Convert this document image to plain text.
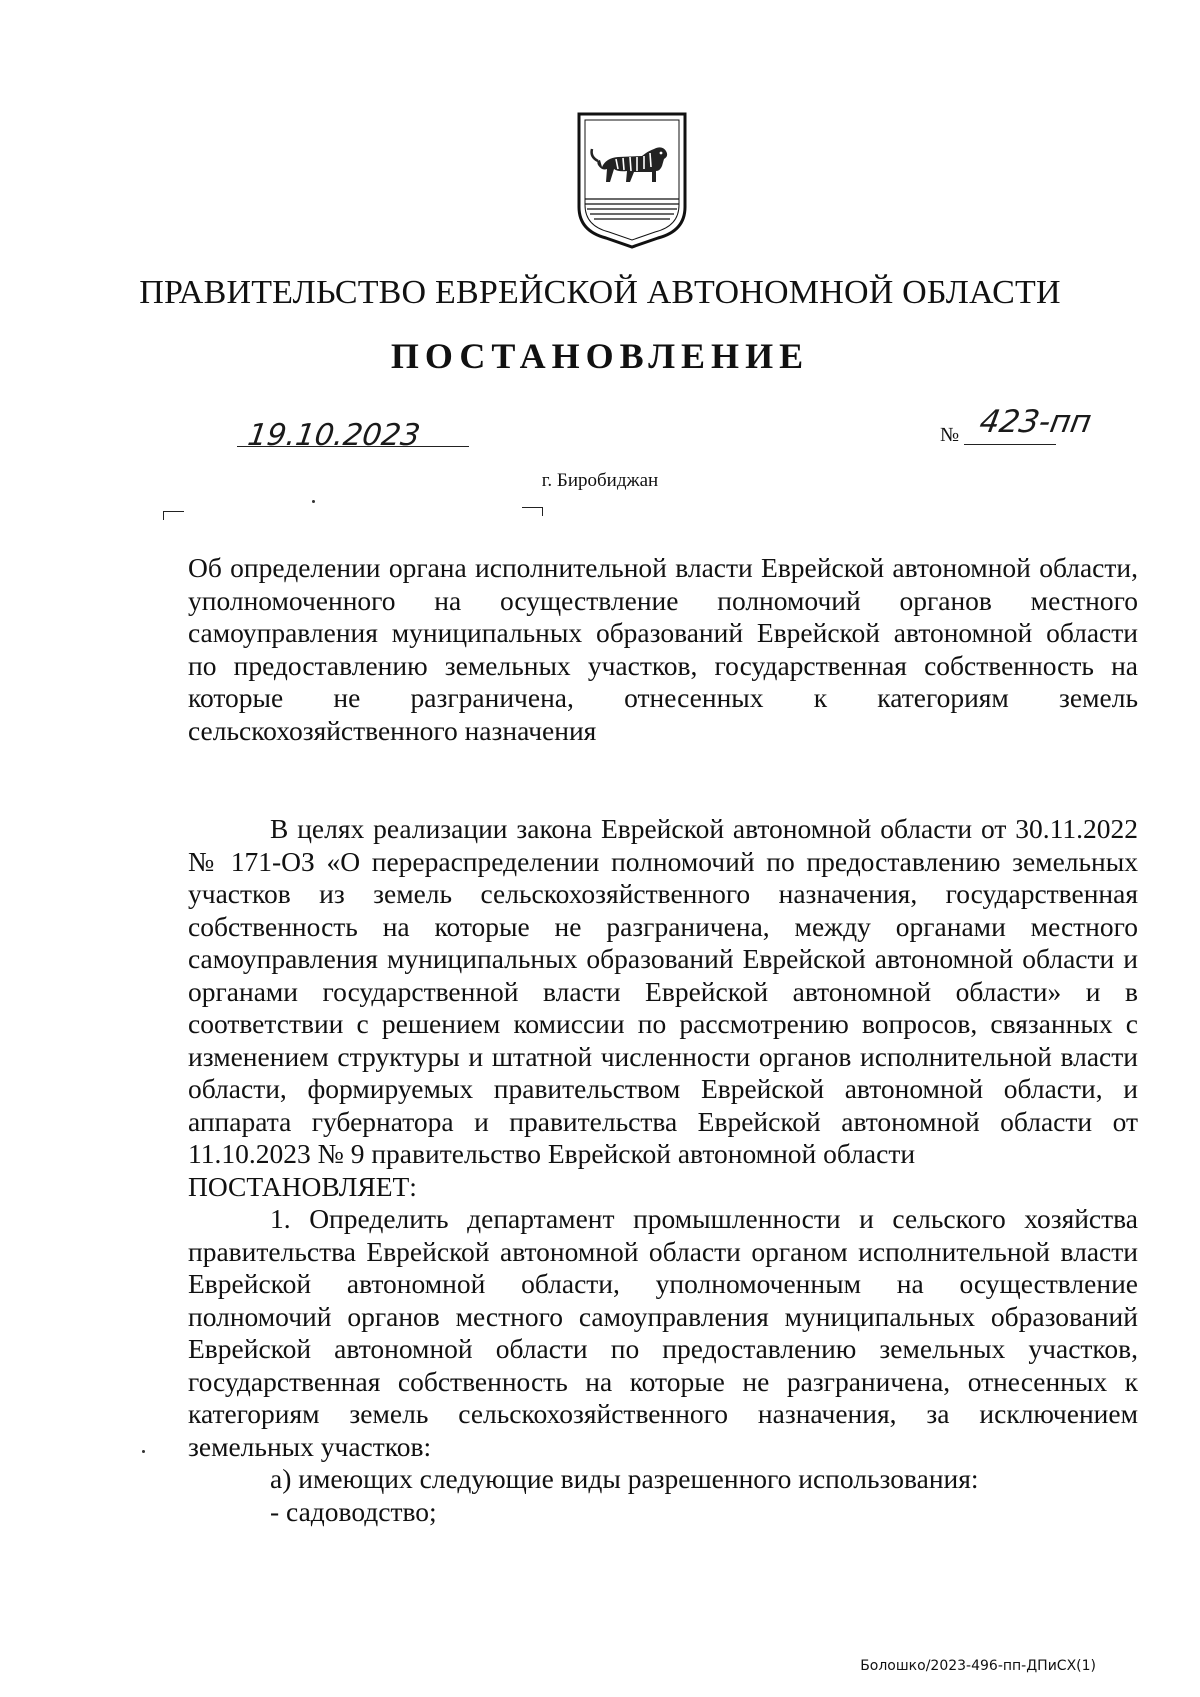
ПРАВИТЕЛЬСТВО ЕВРЕЙСКОЙ АВТОНОМНОЙ ОБЛАСТИ
ПОСТАНОВЛЕНИЕ
19.10.2023	№ 423-пп
г. Биробиджан
Об определении органа исполнительной власти Еврейской автономной области, уполномоченного на осуществление полномочий органов местного самоуправления муниципальных образований Еврейской автономной области по предоставлению земельных участков, государственная собственность на которые не разграничена, отнесенных к категориям земель сельскохозяйственного назначения

В целях реализации закона Еврейской автономной области от 30.11.2022 № 171-ОЗ «О перераспределении полномочий по предоставлению земельных участков из земель сельскохозяйственного назначения, государственная собственность на которые не разграничена, между органами местного самоуправления муниципальных образований Еврейской автономной области и органами государственной власти Еврейской автономной области» и в соответствии с решением комиссии по рассмотрению вопросов, связанных с изменением структуры и штатной численности органов исполнительной власти области, формируемых правительством Еврейской автономной области, и аппарата губернатора и правительства Еврейской автономной области от 11.10.2023 № 9 правительство Еврейской автономной области

ПОСТАНОВЛЯЕТ:

1. Определить департамент промышленности и сельского хозяйства правительства Еврейской автономной области органом исполнительной власти Еврейской автономной области, уполномоченным на осуществление полномочий органов местного самоуправления муниципальных образований Еврейской автономной области по предоставлению земельных участков, государственная собственность на которые не разграничена, отнесенных к категориям земель сельскохозяйственного назначения, за исключением земельных участков:

а) имеющих следующие виды разрешенного использования:

- садоводство;

Болошко/2023-496-пп-ДПиСХ(1)
